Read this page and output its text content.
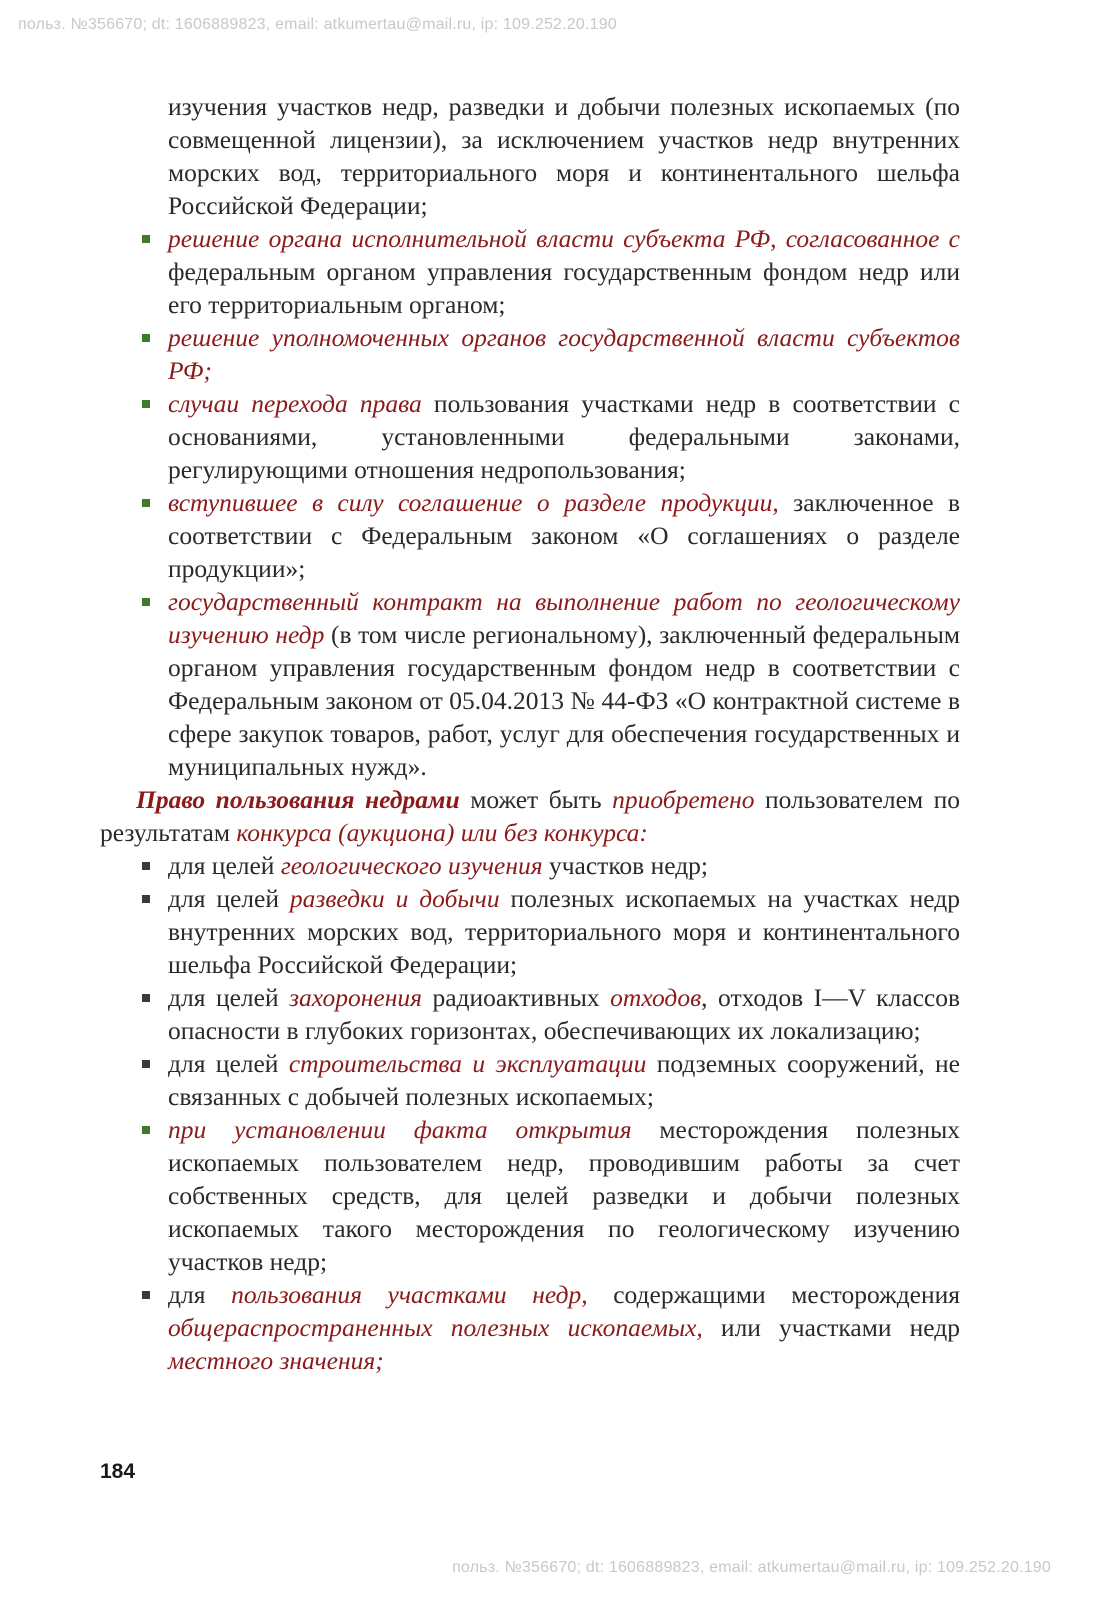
польз. №356670; dt: 1606889823, email: atkumertau@mail.ru, ip: 109.252.20.190

изучения участков недр, разведки и добычи полезных ископаемых (по совмещенной лицензии), за исключением участков недр внутренних морских вод, территориального моря и континентального шельфа Российской Федерации;

решение органа исполнительной власти субъекта РФ, согласованное с федеральным органом управления государственным фондом недр или его территориальным органом;
решение уполномоченных органов государственной власти субъектов РФ;
случаи перехода права пользования участками недр в соответствии с основаниями, установленными федеральными законами, регулирующими отношения недропользования;
вступившее в силу соглашение о разделе продукции, заключенное в соответствии с Федеральным законом «О соглашениях о разделе продукции»;
государственный контракт на выполнение работ по геологическому изучению недр (в том числе региональному), заключенный федеральным органом управления государственным фондом недр в соответствии с Федеральным законом от 05.04.2013 № 44-ФЗ «О контрактной системе в сфере закупок товаров, работ, услуг для обеспечения государственных и муниципальных нужд».

Право пользования недрами может быть приобретено пользователем по результатам конкурса (аукциона) или без конкурса:

для целей геологического изучения участков недр;
для целей разведки и добычи полезных ископаемых на участках недр внутренних морских вод, территориального моря и континентального шельфа Российской Федерации;
для целей захоронения радиоактивных отходов, отходов I—V классов опасности в глубоких горизонтах, обеспечивающих их локализацию;
для целей строительства и эксплуатации подземных сооружений, не связанных с добычей полезных ископаемых;
при установлении факта открытия месторождения полезных ископаемых пользователем недр, проводившим работы за счет собственных средств, для целей разведки и добычи полезных ископаемых такого месторождения по геологическому изучению участков недр;
для пользования участками недр, содержащими месторождения общераспространенных полезных ископаемых, или участками недр местного значения;
184
польз. №356670; dt: 1606889823, email: atkumertau@mail.ru, ip: 109.252.20.190
